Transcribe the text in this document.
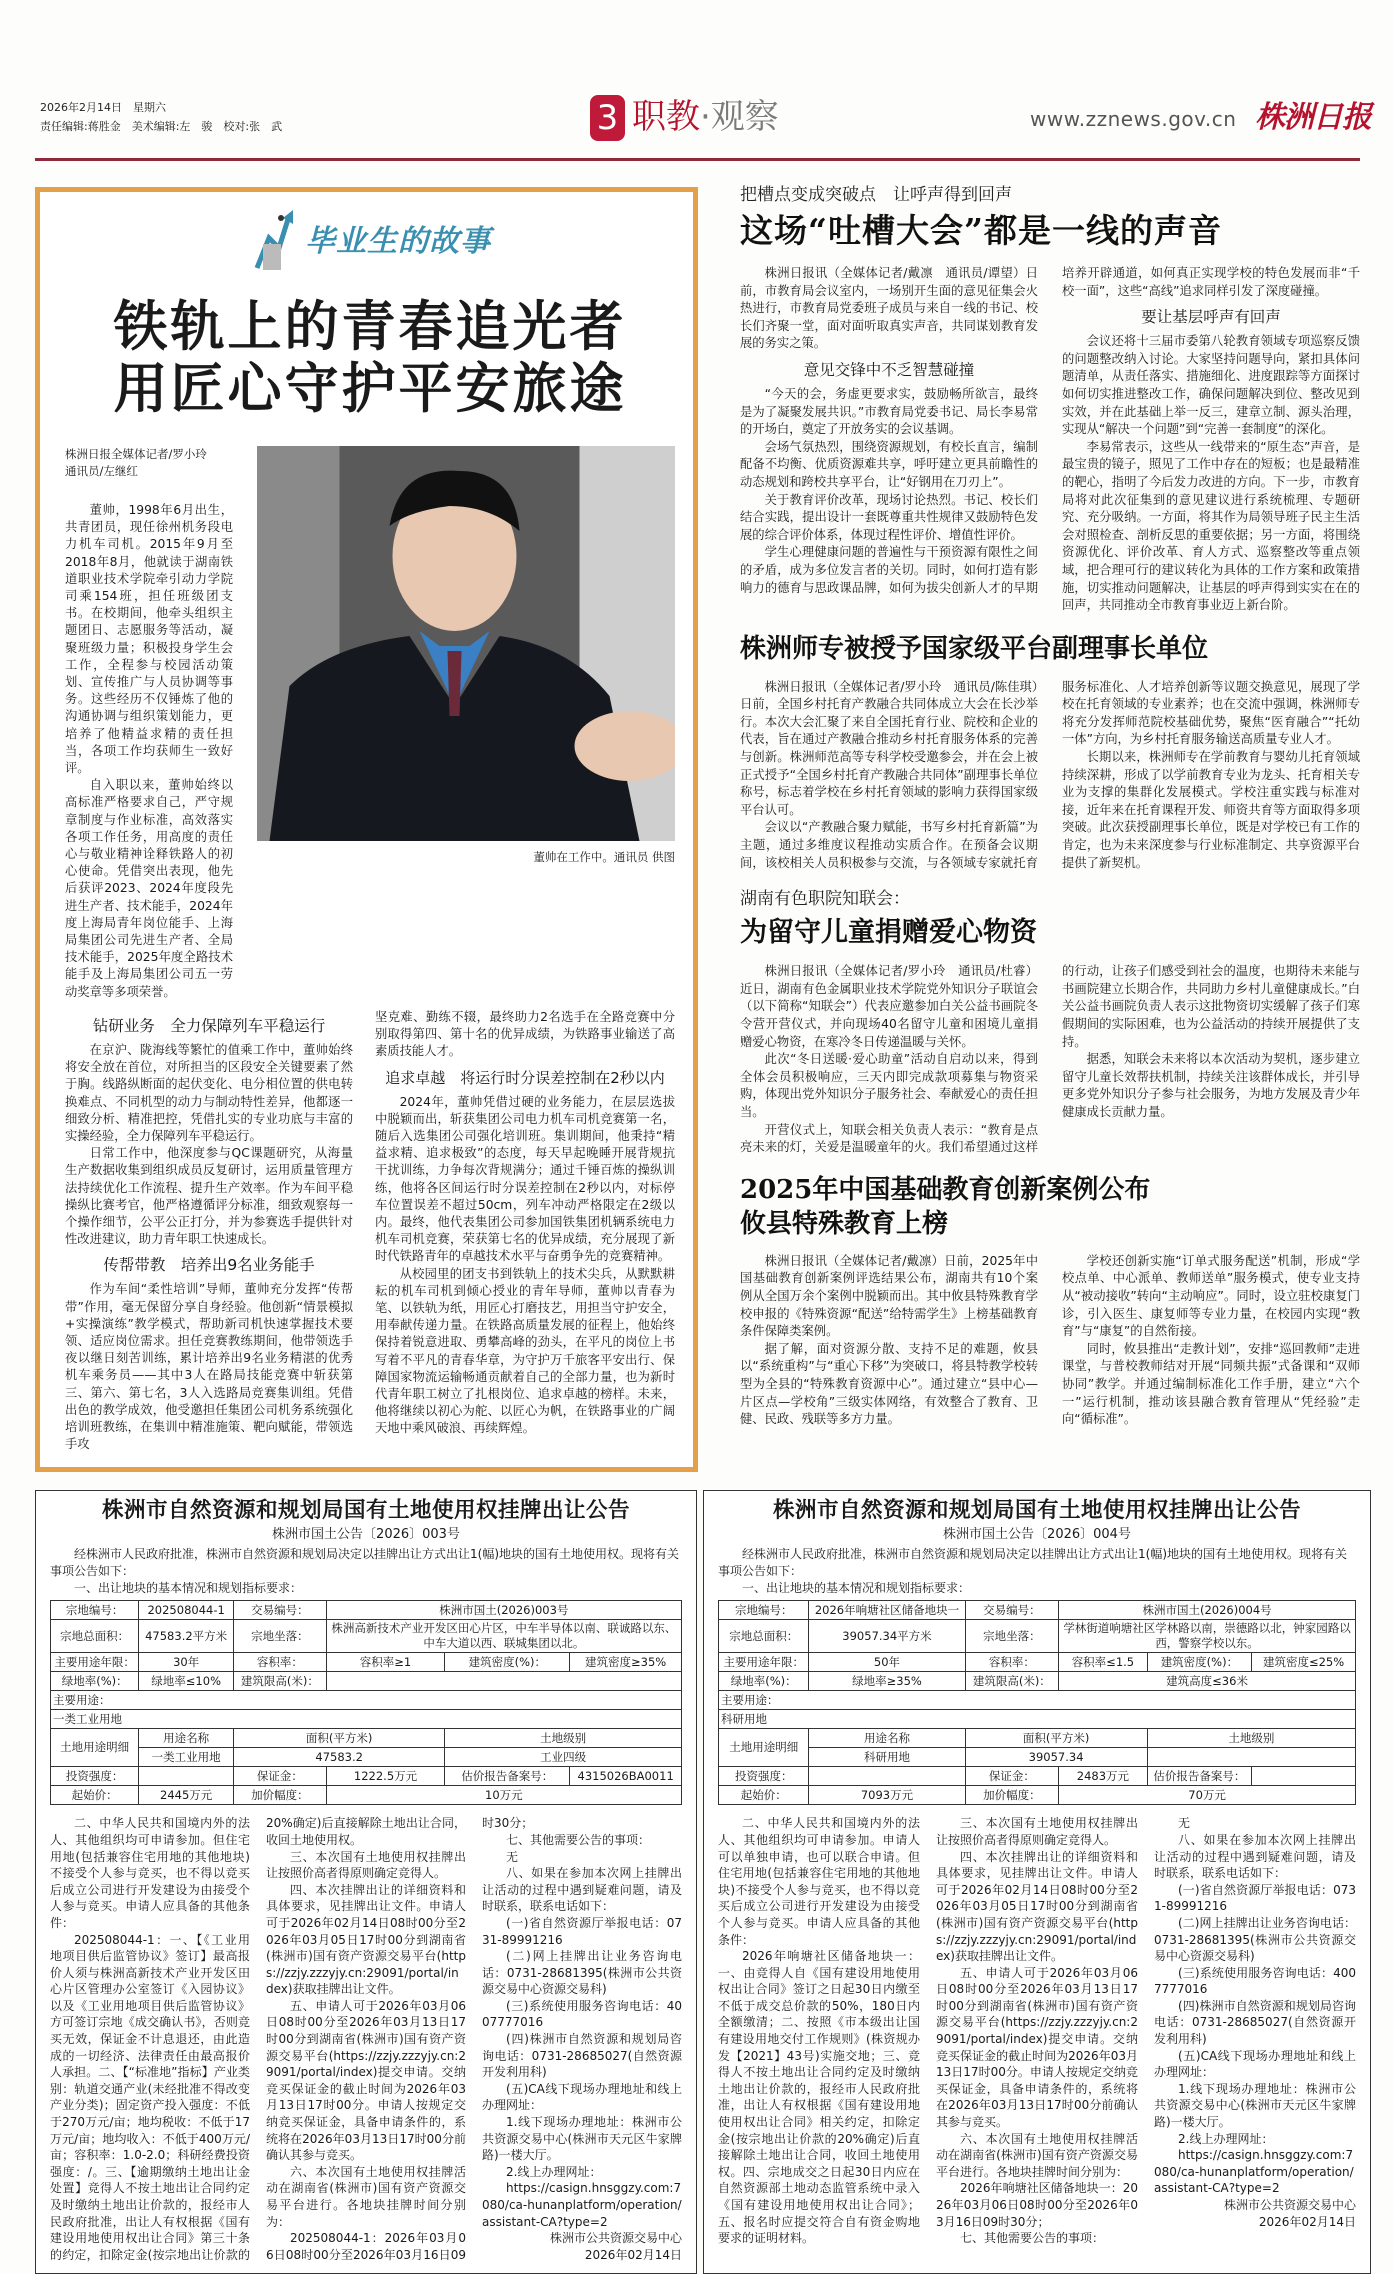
2026年2月14日　星期六
责任编辑:蒋胜金　美术编辑:左　骏　校对:张　武	3 职教·观察	www.zznews.gov.cn 株洲日报
毕业生的故事
铁轨上的青春追光者
用匠心守护平安旅途
株洲日报全媒体记者/罗小玲
通讯员/左继红

董帅，1998年6月出生，共青团员，现任徐州机务段电力机车司机。2015年9月至2018年8月，他就读于湖南铁道职业技术学院牵引动力学院司乘154班，担任班级团支书。在校期间，他牵头组织主题团日、志愿服务等活动，凝聚班级力量；积极投身学生会工作，全程参与校园活动策划、宣传推广与人员协调等事务。这些经历不仅锤炼了他的沟通协调与组织策划能力，更培养了他精益求精的责任担当，各项工作均获师生一致好评。

自入职以来，董帅始终以高标准严格要求自己，严守规章制度与作业标准，高效落实各项工作任务，用高度的责任心与敬业精神诠释铁路人的初心使命。凭借突出表现，他先后获评2023、2024年度段先进生产者、技术能手，2024年度上海局青年岗位能手、上海局集团公司先进生产者、全局技术能手，2025年度全路技术能手及上海局集团公司五一劳动奖章等多项荣誉。

董帅在工作中。通讯员 供图
钻研业务　全力保障列车平稳运行

在京沪、陇海线等繁忙的值乘工作中，董帅始终将安全放在首位，对所担当的区段安全关键要素了然于胸。线路纵断面的起伏变化、电分相位置的供电转换难点、不同机型的动力与制动特性差异，他都逐一细致分析、精准把控，凭借扎实的专业功底与丰富的实操经验，全力保障列车平稳运行。

日常工作中，他深度参与QC课题研究，从海量生产数据收集到组织成员反复研讨，运用质量管理方法持续优化工作流程、提升生产效率。作为车间平稳操纵比赛考官，他严格遵循评分标准，细致观察每一个操作细节，公平公正打分，并为参赛选手提供针对性改进建议，助力青年职工快速成长。

传帮带教　培养出9名业务能手

作为车间“柔性培训”导师，董帅充分发挥“传帮带”作用，毫无保留分享自身经验。他创新“情景模拟+实操演练”教学模式，帮助新司机快速掌握技术要领、适应岗位需求。担任竞赛教练期间，他带领选手夜以继日刻苦训练，累计培养出9名业务精湛的优秀机车乘务员——其中3人在路局技能竞赛中斩获第三、第六、第七名，3人入选路局竞赛集训组。凭借出色的教学成效，他受邀担任集团公司机务系统强化培训班教练，在集训中精准施策、靶向赋能，带领选手攻

坚克难、勤练不辍，最终助力2名选手在全路竞赛中分别取得第四、第十名的优异成绩，为铁路事业输送了高素质技能人才。

追求卓越　将运行时分误差控制在2秒以内

2024年，董帅凭借过硬的业务能力，在层层选拔中脱颖而出，斩获集团公司电力机车司机竞赛第一名，随后入选集团公司强化培训班。集训期间，他秉持“精益求精、追求极致”的态度，每天早起晚睡开展背规抗干扰训练，力争每次背规满分；通过千锤百炼的操纵训练，他将各区间运行时分误差控制在2秒以内，对标停车位置误差不超过50cm，列车冲动严格限定在2级以内。最终，他代表集团公司参加国铁集团机辆系统电力机车司机竞赛，荣获第七名的优异成绩，充分展现了新时代铁路青年的卓越技术水平与奋勇争先的竞赛精神。

从校园里的团支书到铁轨上的技术尖兵，从默默耕耘的机车司机到倾心授业的青年导师，董帅以青春为笔、以铁轨为纸，用匠心打磨技艺，用担当守护安全，用奉献传递力量。在铁路高质量发展的征程上，他始终保持着锐意进取、勇攀高峰的劲头，在平凡的岗位上书写着不平凡的青春华章，为守护万千旅客平安出行、保障国家物流运输畅通贡献着自己的全部力量，也为新时代青年职工树立了扎根岗位、追求卓越的榜样。未来，他将继续以初心为舵、以匠心为帆，在铁路事业的广阔天地中乘风破浪、再续辉煌。

把槽点变成突破点　让呼声得到回声
这场“吐槽大会”都是一线的声音

株洲日报讯（全媒体记者/戴凛　通讯员/谭望）日前，市教育局会议室内，一场别开生面的意见征集会火热进行，市教育局党委班子成员与来自一线的书记、校长们齐聚一堂，面对面听取真实声音，共同谋划教育发展的务实之策。

意见交锋中不乏智慧碰撞

“今天的会，务虚更要求实，鼓励畅所欲言，最终是为了凝聚发展共识。”市教育局党委书记、局长李易常的开场白，奠定了开放务实的会议基调。

会场气氛热烈，围绕资源规划，有校长直言，编制配备不均衡、优质资源难共享，呼吁建立更具前瞻性的动态规划和跨校共享平台，让“好钢用在刀刃上”。

关于教育评价改革，现场讨论热烈。书记、校长们结合实践，提出设计一套既尊重共性规律又鼓励特色发展的综合评价体系，体现过程性评价、增值性评价。

学生心理健康问题的普遍性与干预资源有限性之间的矛盾，成为多位发言者的关切。同时，如何打造有影响力的德育与思政课品牌，如何为拔尖创新人才的早期培养开辟通道，如何真正实现学校的特色发展而非“千校一面”，这些“高线”追求同样引发了深度碰撞。

要让基层呼声有回声

会议还将十三届市委第八轮教育领域专项巡察反馈的问题整改纳入讨论。大家坚持问题导向，紧扣具体问题清单，从责任落实、措施细化、进度跟踪等方面探讨如何切实推进整改工作，确保问题解决到位、整改见到实效，并在此基础上举一反三，建章立制、源头治理，实现从“解决一个问题”到“完善一套制度”的深化。

李易常表示，这些从一线带来的“原生态”声音，是最宝贵的镜子，照见了工作中存在的短板；也是最精准的靶心，指明了今后发力改进的方向。下一步，市教育局将对此次征集到的意见建议进行系统梳理、专题研究、充分吸纳。一方面，将其作为局领导班子民主生活会对照检查、剖析反思的重要依据；另一方面，将围绕资源优化、评价改革、育人方式、巡察整改等重点领域，把合理可行的建议转化为具体的工作方案和政策措施，切实推动问题解决，让基层的呼声得到实实在在的回声，共同推动全市教育事业迈上新台阶。

株洲师专被授予国家级平台副理事长单位

株洲日报讯（全媒体记者/罗小玲　通讯员/陈佳琪）日前，全国乡村托育产教融合共同体成立大会在长沙举行。本次大会汇聚了来自全国托育行业、院校和企业的代表，旨在通过产教融合推动乡村托育服务体系的完善与创新。株洲师范高等专科学校受邀参会，并在会上被正式授予“全国乡村托育产教融合共同体”副理事长单位称号，标志着学校在乡村托育领域的影响力获得国家级平台认可。

会议以“产教融合聚力赋能，书写乡村托育新篇”为主题，通过多维度议程推动实质合作。在预备会议期间，该校相关人员积极参与交流，与各领域专家就托育服务标准化、人才培养创新等议题交换意见，展现了学校在托育领域的专业素养；也在交流中强调，株洲师专将充分发挥师范院校基础优势，聚焦“医育融合”“托幼一体”方向，为乡村托育服务输送高质量专业人才。

长期以来，株洲师专在学前教育与婴幼儿托育领域持续深耕，形成了以学前教育专业为龙头、托育相关专业为支撑的集群化发展模式。学校注重实践与标准对接，近年来在托育课程开发、师资共育等方面取得多项突破。此次获授副理事长单位，既是对学校已有工作的肯定，也为未来深度参与行业标准制定、共享资源平台提供了新契机。

湖南有色职院知联会：
为留守儿童捐赠爱心物资

株洲日报讯（全媒体记者/罗小玲　通讯员/杜睿）近日，湖南有色金属职业技术学院党外知识分子联谊会（以下简称“知联会”）代表应邀参加白关公益书画院冬令营开营仪式，并向现场40名留守儿童和困境儿童捐赠爱心物资，在寒冷冬日传递温暖与关怀。

此次“冬日送暖·爱心助童”活动自启动以来，得到全体会员积极响应，三天内即完成款项募集与物资采购，体现出党外知识分子服务社会、奉献爱心的责任担当。

开营仪式上，知联会相关负责人表示：“教育是点亮未来的灯，关爱是温暖童年的火。我们希望通过这样的行动，让孩子们感受到社会的温度，也期待未来能与书画院建立长期合作，共同助力乡村儿童健康成长。”白关公益书画院负责人表示这批物资切实缓解了孩子们寒假期间的实际困难，也为公益活动的持续开展提供了支持。

据悉，知联会未来将以本次活动为契机，逐步建立留守儿童长效帮扶机制，持续关注该群体成长，并引导更多党外知识分子参与社会服务，为地方发展及青少年健康成长贡献力量。

2025年中国基础教育创新案例公布
攸县特殊教育上榜

株洲日报讯（全媒体记者/戴凛）日前，2025年中国基础教育创新案例评选结果公布，湖南共有10个案例从全国万余个案例中脱颖而出。其中攸县特殊教育学校申报的《特殊资源“配送”给特需学生》上榜基础教育条件保障类案例。

据了解，面对资源分散、支持不足的难题，攸县以“系统重构”与“重心下移”为突破口，将县特教学校转型为全县的“特殊教育资源中心”。通过建立“县中心—片区点—学校角”三级实体网络，有效整合了教育、卫健、民政、残联等多方力量。

学校还创新实施“订单式服务配送”机制，形成“学校点单、中心派单、教师送单”服务模式，使专业支持从“被动接收”转向“主动响应”。同时，设立驻校康复门诊，引入医生、康复师等专业力量，在校园内实现“教育”与“康复”的自然衔接。

同时，攸县推出“走教计划”，安排“巡回教师”走进课堂，与普校教师结对开展“同频共振”式备课和“双师协同”教学。并通过编制标准化工作手册，建立“六个一”运行机制，推动该县融合教育管理从“凭经验”走向“循标准”。

株洲市自然资源和规划局国有土地使用权挂牌出让公告
株洲市国土公告〔2026〕003号
经株洲市人民政府批准，株洲市自然资源和规划局决定以挂牌出让方式出让1(幅)地块的国有土地使用权。现将有关事项公告如下：
一、出让地块的基本情况和规划指标要求：
宗地编号：	202508044-1	交易编号：	株洲市国土(2026)003号		
宗地总面积：	47583.2平方米	宗地坐落：	株洲高新技术产业开发区田心片区，中车半导体以南、联诚路以东、中车大道以西、联城集团以北。		
主要用途年限：	30年	容积率：	容积率≥1	建筑密度(%)：	建筑密度≥35%
绿地率(%)：	绿地率≤10%	建筑限高(米)：			
主要用途：					
一类工业用地					
土地用途明细	用途名称	面积(平方米)		土地级别	
	一类工业用地	47583.2		工业四级	
投资强度：		保证金：	1222.5万元	估价报告备案号：	4315026BA0011
起始价：	2445万元	加价幅度：	10万元		

二、中华人民共和国境内外的法人、其他组织均可申请参加。但住宅用地(包括兼容住宅用地的其他地块)不接受个人参与竞买，也不得以竞买后成立公司进行开发建设为由接受个人参与竞买。申请人应具备的其他条件：

202508044-1：一、【《工业用地项目供后监管协议》签订】最高报价人须与株洲高新技术产业开发区田心片区管理办公室签订《入园协议》以及《工业用地项目供后监管协议》方可签订宗地《成交确认书》，否则竞买无效，保证金不计息退还，由此造成的一切经济、法律责任由最高报价人承担。二、【“标准地”指标】产业类别：轨道交通产业(未经批准不得改变产业分类)；固定资产投入强度：不低于270万元/亩；地均税收：不低于17万元/亩；地均收入：不低于400万元/亩；容积率：1.0-2.0；科研经费投资强度：/。三、【逾期缴纳土地出让金处置】竞得人不按土地出让合同约定及时缴纳土地出让价款的，报经市人民政府批准，出让人有权根据《国有建设用地使用权出让合同》第三十条的约定，扣除定金(按宗地出让价款的20%确定)后直接解除土地出让合同，收回土地使用权。

三、本次国有土地使用权挂牌出让按照价高者得原则确定竞得人。

四、本次挂牌出让的详细资料和具体要求，见挂牌出让文件。申请人可于2026年02月14日08时00分至2026年03月05日17时00分到湖南省(株洲市)国有资产资源交易平台(https://zzjy.zzzyjy.cn:29091/portal/index)获取挂牌出让文件。

五、申请人可于2026年03月06日08时00分至2026年03月13日17时00分到湖南省(株洲市)国有资产资源交易平台(https://zzjy.zzzyjy.cn:29091/portal/index)提交申请。交纳竞买保证金的截止时间为2026年03月13日17时00分。申请人按规定交纳竞买保证金，具备申请条件的，系统将在2026年03月13日17时00分前确认其参与竞买。

六、本次国有土地使用权挂牌活动在湖南省(株洲市)国有资产资源交易平台进行。各地块挂牌时间分别为：

202508044-1：2026年03月06日08时00分至2026年03月16日09时30分；

七、其他需要公告的事项：

无

八、如果在参加本次网上挂牌出让活动的过程中遇到疑难问题，请及时联系，联系电话如下：

(一)省自然资源厅举报电话：0731-89991216

(二)网上挂牌出让业务咨询电话：0731-28681395(株洲市公共资源交易中心资源交易科)

(三)系统使用服务咨询电话：4007777016

(四)株洲市自然资源和规划局咨询电话：0731-28685027(自然资源开发利用科)

(五)CA线下现场办理地址和线上办理网址：

1.线下现场办理地址：株洲市公共资源交易中心(株洲市天元区牛家牌路)一楼大厅。

2.线上办理网址：

https://casign.hnsggzy.com:7080/ca-hunanplatform/operation/assistant-CA?type=2

株洲市公共资源交易中心

2026年02月14日

株洲市自然资源和规划局国有土地使用权挂牌出让公告
株洲市国土公告〔2026〕004号
经株洲市人民政府批准，株洲市自然资源和规划局决定以挂牌出让方式出让1(幅)地块的国有土地使用权。现将有关事项公告如下：
一、出让地块的基本情况和规划指标要求：
宗地编号：	2026年响塘社区储备地块一	交易编号：	株洲市国土(2026)004号		
宗地总面积：	39057.34平方米	宗地坐落：	学林街道响塘社区学林路以南，崇德路以北，钟家园路以西，警察学校以东。		
主要用途年限：	50年	容积率：	容积率≤1.5	建筑密度(%)：	建筑密度≤25%
绿地率(%)：	绿地率≥35%	建筑限高(米)：	建筑高度≤36米		
主要用途：					
科研用地					
土地用途明细	用途名称	面积(平方米)		土地级别	
	科研用地	39057.34			
投资强度：		保证金：	2483万元	估价报告备案号：	
起始价：	7093万元	加价幅度：	70万元		

二、中华人民共和国境内外的法人、其他组织均可申请参加。申请人可以单独申请，也可以联合申请。但住宅用地(包括兼容住宅用地的其他地块)不接受个人参与竞买，也不得以竞买后成立公司进行开发建设为由接受个人参与竞买。申请人应具备的其他条件：

2026年响塘社区储备地块一：一、由竞得人自《国有建设用地使用权出让合同》签订之日起30日内缴至不低于成交总价款的50%，180日内全额缴清；二、按照《市本级出让国有建设用地交付工作规则》(株资规办发【2021】43号)实施交地；三、竞得人不按土地出让合同约定及时缴纳土地出让价款的，报经市人民政府批准，出让人有权根据《国有建设用地使用权出让合同》相关约定，扣除定金(按宗地出让价款的20%确定)后直接解除土地出让合同，收回土地使用权。四、宗地成交之日起30日内应在自然资源部土地动态监管系统中录入《国有建设用地使用权出让合同》；五、报名时应提交符合自有资金购地要求的证明材料。

三、本次国有土地使用权挂牌出让按照价高者得原则确定竞得人。

四、本次挂牌出让的详细资料和具体要求，见挂牌出让文件。申请人可于2026年02月14日08时00分至2026年03月05日17时00分到湖南省(株洲市)国有资产资源交易平台(https://zzjy.zzzyjy.cn:29091/portal/index)获取挂牌出让文件。

五、申请人可于2026年03月06日08时00分至2026年03月13日17时00分到湖南省(株洲市)国有资产资源交易平台(https://zzjy.zzzyjy.cn:29091/portal/index)提交申请。交纳竞买保证金的截止时间为2026年03月13日17时00分。申请人按规定交纳竞买保证金，具备申请条件的，系统将在2026年03月13日17时00分前确认其参与竞买。

六、本次国有土地使用权挂牌活动在湖南省(株洲市)国有资产资源交易平台进行。各地块挂牌时间分别为：

2026年响塘社区储备地块一：2026年03月06日08时00分至2026年03月16日09时30分；

七、其他需要公告的事项：

无

八、如果在参加本次网上挂牌出让活动的过程中遇到疑难问题，请及时联系，联系电话如下：

(一)省自然资源厅举报电话：0731-89991216

(二)网上挂牌出让业务咨询电话：0731-28681395(株洲市公共资源交易中心资源交易科)

(三)系统使用服务咨询电话：4007777016

(四)株洲市自然资源和规划局咨询电话：0731-28685027(自然资源开发利用科)

(五)CA线下现场办理地址和线上办理网址：

1.线下现场办理地址：株洲市公共资源交易中心(株洲市天元区牛家牌路)一楼大厅。

2.线上办理网址：

https://casign.hnsggzy.com:7080/ca-hunanplatform/operation/assistant-CA?type=2

株洲市公共资源交易中心

2026年02月14日
